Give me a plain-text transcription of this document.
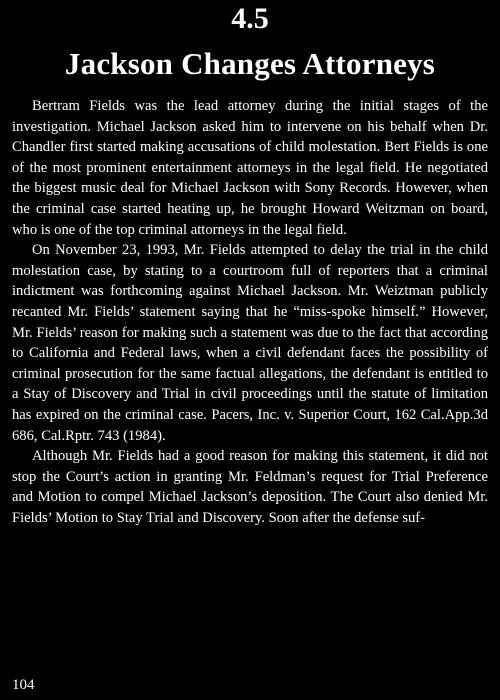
4.5
Jackson Changes Attorneys

Bertram Fields was the lead attorney during the initial stages of the investigation. Michael Jackson asked him to intervene on his behalf when Dr. Chandler first started making accusations of child molestation. Bert Fields is one of the most prominent entertainment attorneys in the legal field. He negotiated the biggest music deal for Michael Jackson with Sony Records. However, when the criminal case started heating up, he brought Howard Weitzman on board, who is one of the top criminal attorneys in the legal field.

On November 23, 1993, Mr. Fields attempted to delay the trial in the child molestation case, by stating to a courtroom full of reporters that a criminal indictment was forthcoming against Michael Jackson. Mr. Weiztman publicly recanted Mr. Fields’ statement saying that he “miss-spoke himself.” However, Mr. Fields’ reason for making such a statement was due to the fact that according to California and Federal laws, when a civil defendant faces the possibility of criminal prosecution for the same factual allegations, the defendant is entitled to a Stay of Discovery and Trial in civil proceedings until the statute of limitation has expired on the criminal case. Pacers, Inc. v. Superior Court, 162 Cal.App.3d 686, Cal.Rptr. 743 (1984).

Although Mr. Fields had a good reason for making this statement, it did not stop the Court’s action in granting Mr. Feldman’s request for Trial Preference and Motion to compel Michael Jackson’s deposition. The Court also denied Mr. Fields’ Motion to Stay Trial and Discovery. Soon after the defense suf-

104
